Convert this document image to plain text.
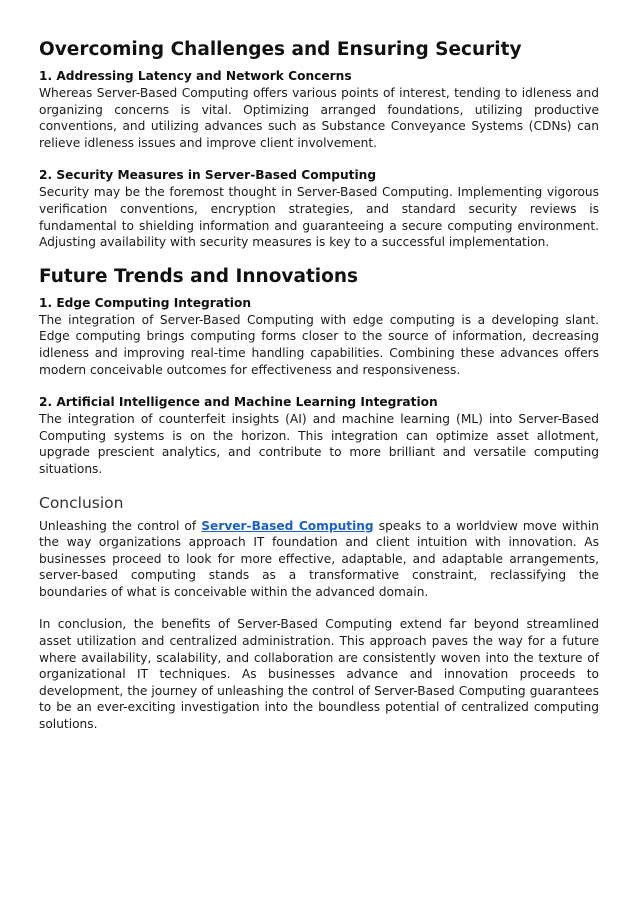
Overcoming Challenges and Ensuring Security
1. Addressing Latency and Network Concerns

Whereas Server-Based Computing offers various points of interest, tending to idleness and organizing concerns is vital. Optimizing arranged foundations, utilizing productive conventions, and utilizing advances such as Substance Conveyance Systems (CDNs) can relieve idleness issues and improve client involvement.

2. Security Measures in Server-Based Computing

Security may be the foremost thought in Server-Based Computing. Implementing vigorous verification conventions, encryption strategies, and standard security reviews is fundamental to shielding information and guaranteeing a secure computing environment. Adjusting availability with security measures is key to a successful implementation.

Future Trends and Innovations
1. Edge Computing Integration

The integration of Server-Based Computing with edge computing is a developing slant. Edge computing brings computing forms closer to the source of information, decreasing idleness and improving real-time handling capabilities. Combining these advances offers modern conceivable outcomes for effectiveness and responsiveness.

2. Artificial Intelligence and Machine Learning Integration

The integration of counterfeit insights (AI) and machine learning (ML) into Server-Based Computing systems is on the horizon. This integration can optimize asset allotment, upgrade prescient analytics, and contribute to more brilliant and versatile computing situations.

Conclusion

Unleashing the control of Server-Based Computing speaks to a worldview move within the way organizations approach IT foundation and client intuition with innovation. As businesses proceed to look for more effective, adaptable, and adaptable arrangements, server-based computing stands as a transformative constraint, reclassifying the boundaries of what is conceivable within the advanced domain.

In conclusion, the benefits of Server-Based Computing extend far beyond streamlined asset utilization and centralized administration. This approach paves the way for a future where availability, scalability, and collaboration are consistently woven into the texture of organizational IT techniques. As businesses advance and innovation proceeds to development, the journey of unleashing the control of Server-Based Computing guarantees to be an ever-exciting investigation into the boundless potential of centralized computing solutions.
